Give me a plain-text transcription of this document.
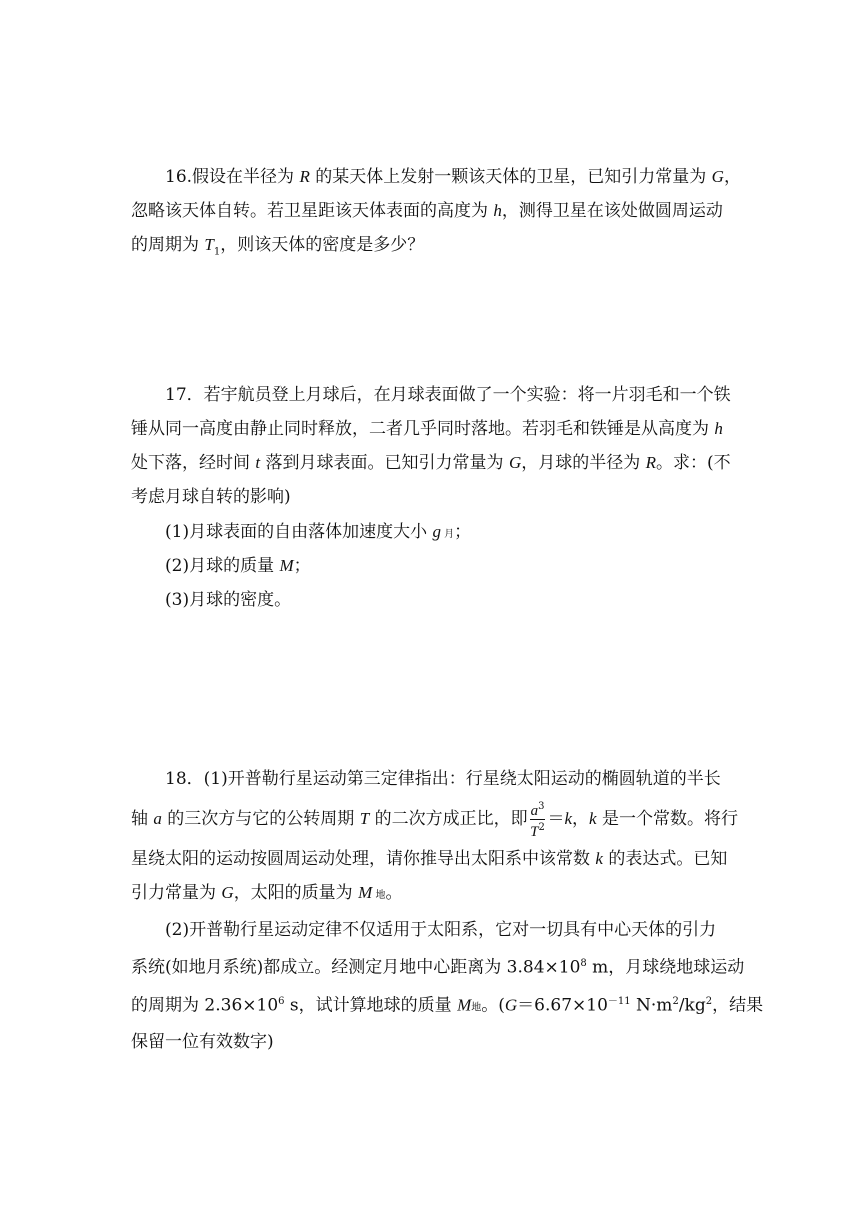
16.假设在半径为 R 的某天体上发射一颗该天体的卫星，已知引力常量为 G，
忽略该天体自转。若卫星距该天体表面的高度为 h，测得卫星在该处做圆周运动
的周期为 $T_1$，则该天体的密度是多少？
17．若宇航员登上月球后，在月球表面做了一个实验：将一片羽毛和一个铁
锤从同一高度由静止同时释放，二者几乎同时落地。若羽毛和铁锤是从高度为 h
处下落，经时间 t 落到月球表面。已知引力常量为 G，月球的半径为 R。求：(不
考虑月球自转的影响)
(1)月球表面的自由落体加速度大小 g 月；
(2)月球的质量 M；
(3)月球的密度。
18．(1)开普勒行星运动第三定律指出：行星绕太阳运动的椭圆轨道的半长
轴 a 的三次方与它的公转周期 T 的二次方成正比，即 $\frac{a^3}{T^2} =k$，k 是一个常数。将行
星绕太阳的运动按圆周运动处理，请你推导出太阳系中该常数 k 的表达式。已知
引力常量为 G，太阳的质量为 M 地。
(2)开普勒行星运动定律不仅适用于太阳系，它对一切具有中心天体的引力
系统(如地月系统)都成立。经测定月地中心距离为 $3.84\times 10^8$ m，月球绕地球运动
的周期为 $2.36\times 10^6$ s，试计算地球的质量 M地。($G=6.67\times 10^{-11}$ $N\cdot m^2/kg^2$，结果
保留一位有效数字)
